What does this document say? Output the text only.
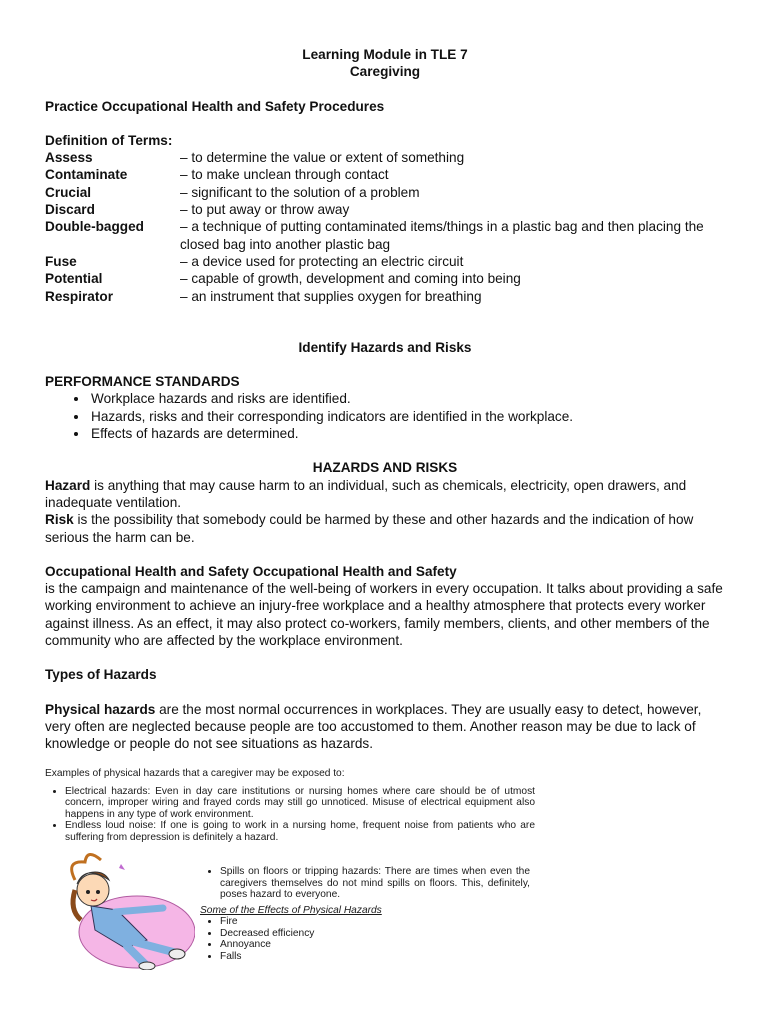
Learning Module in TLE 7
Caregiving
Practice Occupational Health and Safety Procedures
Definition of Terms:
Assess	– to determine the value or extent of something
Contaminate	– to make unclean through contact
Crucial	– significant to the solution of a problem
Discard	– to put away or throw away
Double-bagged	– a technique of putting contaminated items/things in a plastic bag and then placing the closed bag into another plastic bag
Fuse	– a device used for protecting an electric circuit
Potential	– capable of growth, development and coming into being
Respirator	– an instrument that supplies oxygen for breathing
Identify Hazards and Risks
PERFORMANCE STANDARDS
• Workplace hazards and risks are identified.
• Hazards, risks and their corresponding indicators are identified in the workplace.
• Effects of hazards are determined.
HAZARDS AND RISKS

Hazard is anything that may cause harm to an individual, such as chemicals, electricity, open drawers, and inadequate ventilation.

Risk is the possibility that somebody could be harmed by these and other hazards and the indication of how serious the harm can be.

Occupational Health and Safety Occupational Health and Safety

is the campaign and maintenance of the well-being of workers in every occupation. It talks about providing a safe working environment to achieve an injury-free workplace and a healthy atmosphere that protects every worker against illness. As an effect, it may also protect co-workers, family members, clients, and other members of the community who are affected by the workplace environment.

Types of Hazards

Physical hazards are the most normal occurrences in workplaces. They are usually easy to detect, however, very often are neglected because people are too accustomed to them. Another reason may be due to lack of knowledge or people do not see situations as hazards.

Examples of physical hazards that a caregiver may be exposed to:
• Electrical hazards: Even in day care institutions or nursing homes where care should be of utmost concern, improper wiring and frayed cords may still go unnoticed. Misuse of electrical equipment also happens in any type of work environment.
• Endless loud noise: If one is going to work in a nursing home, frequent noise from patients who are suffering from depression is definitely a hazard.
• Spills on floors or tripping hazards: There are times when even the caregivers themselves do not mind spills on floors. This, definitely, poses hazard to everyone.
Some of the Effects of Physical Hazards
• Fire
• Decreased efficiency
• Annoyance
• Falls
